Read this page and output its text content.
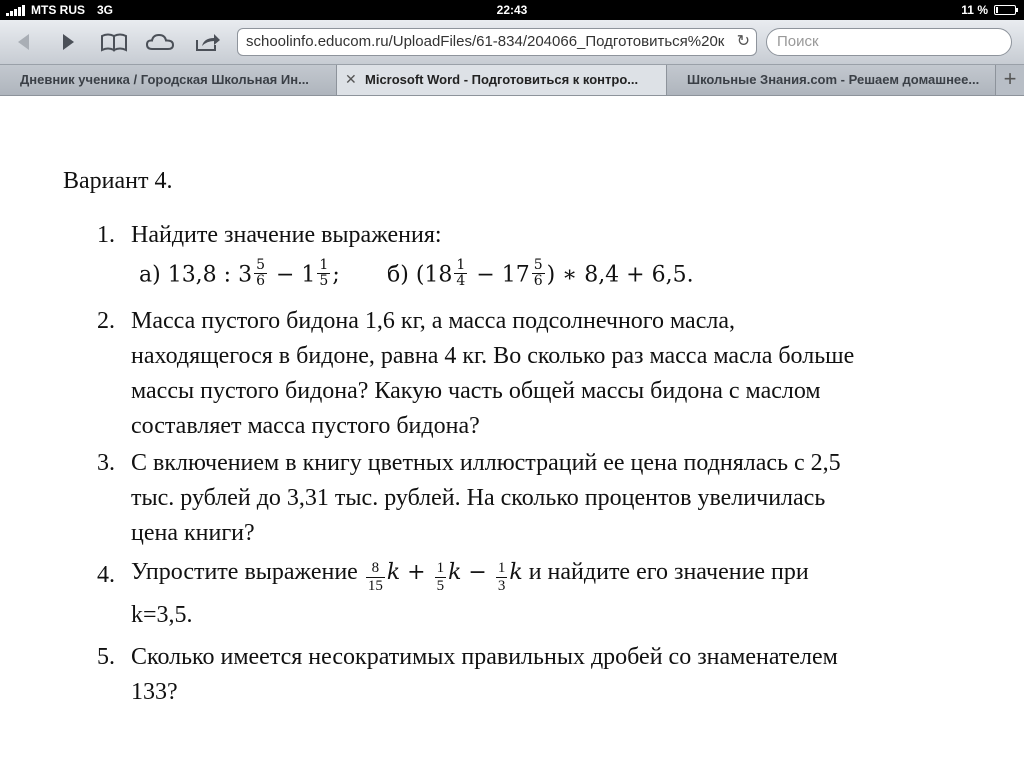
MTS RUS 3G	22:43	11 %
schoolinfo.educom.ru/UploadFiles/61-834/204066_Подготовиться%20к ↻	Поиск
Дневник ученика / Городская Школьная Ин...	✕ Microsoft Word - Подготовиться к контро...	Школьные Знания.com - Решаем домашнее...	+
Вариант 4.
1. Найдите значение выражения:
а) 13,8 : $3 \frac{5}{6} - 1 \frac{1}{5}$ ; б) ($18 \frac{1}{4} - 17 \frac{5}{6}$ ) ∗ 8,4 + 6,5.
2. Масса пустого бидона 1,6 кг, а масса подсолнечного масла,
находящегося в бидоне, равна 4 кг. Во сколько раз масса масла больше
массы пустого бидона? Какую часть общей массы бидона с маслом
составляет масса пустого бидона?
3. С включением в книгу цветных иллюстраций ее цена поднялась с 2,5
тыс. рублей до 3,31 тыс. рублей. На сколько процентов увеличилась
цена книги?
4. Упростите выражение $\frac{8}{15}$ $k + \frac{1}{5}$ $k - \frac{1}{3}$ k и найдите его значение при
k=3,5.
5. Сколько имеется несократимых правильных дробей со знаменателем
133?
